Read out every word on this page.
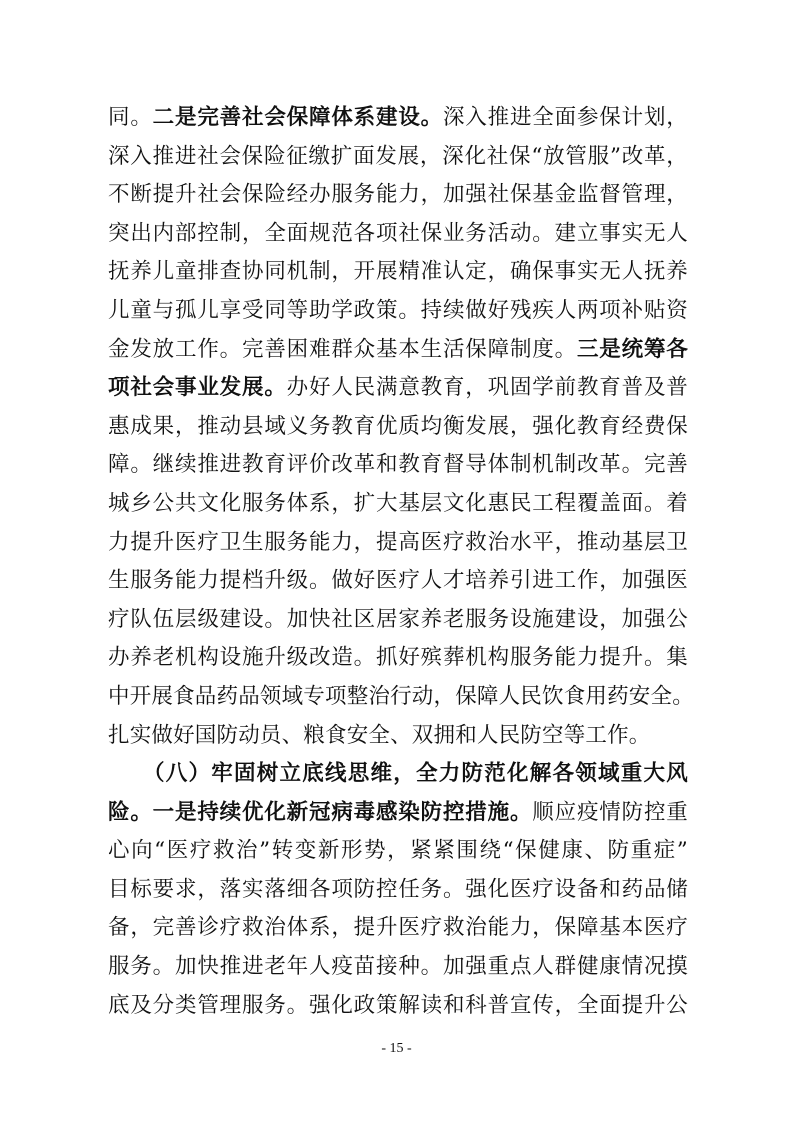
同。二是完善社会保障体系建设。深入推进全面参保计划，
深入推进社会保险征缴扩面发展，深化社保“放管服”改革，
不断提升社会保险经办服务能力，加强社保基金监督管理，
突出内部控制，全面规范各项社保业务活动。建立事实无人
抚养儿童排查协同机制，开展精准认定，确保事实无人抚养
儿童与孤儿享受同等助学政策。持续做好残疾人两项补贴资
金发放工作。完善困难群众基本生活保障制度。三是统筹各
项社会事业发展。办好人民满意教育，巩固学前教育普及普
惠成果，推动县域义务教育优质均衡发展，强化教育经费保
障。继续推进教育评价改革和教育督导体制机制改革。完善
城乡公共文化服务体系，扩大基层文化惠民工程覆盖面。着
力提升医疗卫生服务能力，提高医疗救治水平，推动基层卫
生服务能力提档升级。做好医疗人才培养引进工作，加强医
疗队伍层级建设。加快社区居家养老服务设施建设，加强公
办养老机构设施升级改造。抓好殡葬机构服务能力提升。集
中开展食品药品领域专项整治行动，保障人民饮食用药安全。
扎实做好国防动员、粮食安全、双拥和人民防空等工作。
（八）牢固树立底线思维，全力防范化解各领域重大风
险。一是持续优化新冠病毒感染防控措施。顺应疫情防控重
心向“医疗救治”转变新形势，紧紧围绕“保健康、防重症”
目标要求，落实落细各项防控任务。强化医疗设备和药品储
备，完善诊疗救治体系，提升医疗救治能力，保障基本医疗
服务。加快推进老年人疫苗接种。加强重点人群健康情况摸
底及分类管理服务。强化政策解读和科普宣传，全面提升公
- 15 -
